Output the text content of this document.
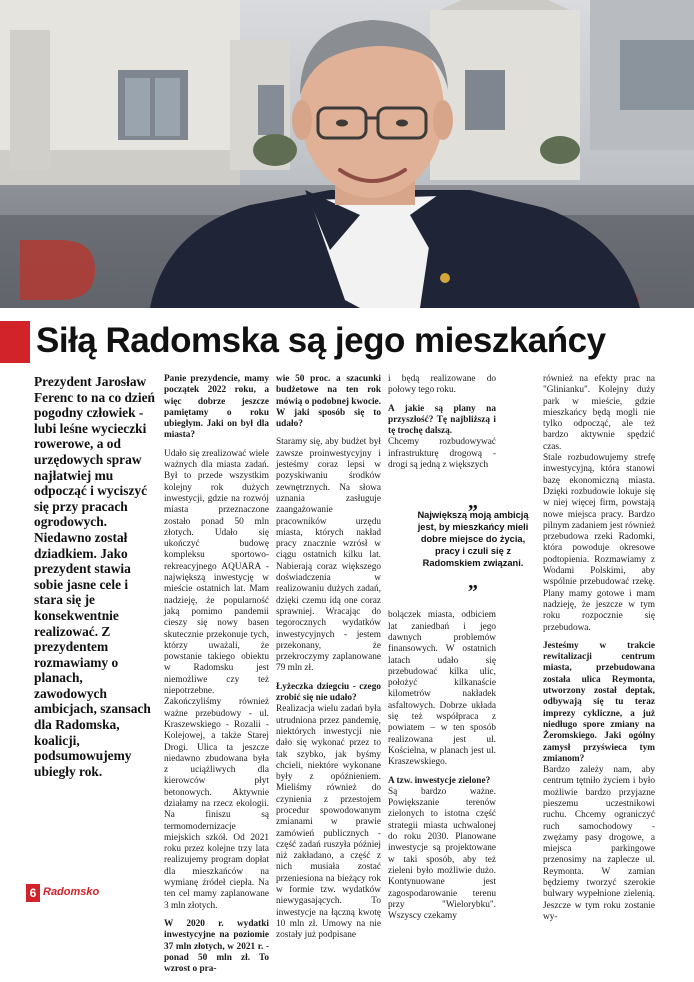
Siłą Radomska są jego mieszkańcy
Prezydent Jarosław Ferenc to na co dzień pogodny człowiek - lubi leśne wycieczki rowerowe, a od urzędowych spraw najłatwiej mu odpocząć i wyciszyć się przy pracach ogrodowych. Niedawno został dziadkiem. Jako prezydent stawia sobie jasne cele i stara się je konsekwentnie realizować. Z prezydentem rozmawiamy o planach, zawodowych ambicjach, szansach dla Radomska, koalicji, podsumowujemy ubiegły rok.

Panie prezydencie, mamy początek 2022 roku, a więc dobrze jeszcze pamiętamy o roku ubiegłym. Jaki on był dla miasta?

Udało się zrealizować wiele ważnych dla miasta zadań. Był to przede wszystkim kolejny rok dużych inwestycji, gdzie na rozwój miasta przeznaczone zostało ponad 50 mln złotych. Udało się ukończyć budowę kompleksu sportowo-rekreacyjnego AQUARA - największą inwestycję w mieście ostatnich lat. Mam nadzieję, że popularność jaką pomimo pandemii cieszy się nowy basen skutecznie przekonuje tych, którzy uważali, że powstanie takiego obiektu w Radomsku jest niemożliwe czy też niepotrzebne. Zakończyliśmy również ważne przebudowy - ul. Kraszewskiego - Rozalii - Kolejowej, a także Starej Drogi. Ulica ta jeszcze niedawno zbudowana była z uciążliwych dla kierowców płyt betonowych. Aktywnie działamy na rzecz ekologii. Na finiszu są termomodernizacje miejskich szkół. Od 2021 roku przez kolejne trzy lata realizujemy program dopłat dla mieszkańców na wymianę źródeł ciepła. Na ten cel mamy zaplanowane 3 mln złotych.

W 2020 r. wydatki inwestycyjne na poziomie 37 mln złotych, w 2021 r. - ponad 50 mln zł. To wzrost o pra-

wie 50 proc. a szacunki budżetowe na ten rok mówią o podobnej kwocie. W jaki sposób się to udało?

Staramy się, aby budżet był zawsze proinwestycyjny i jesteśmy coraz lepsi w pozyskiwaniu środków zewnętrznych. Na słowa uznania zasługuje zaangażowanie pracowników urzędu miasta, których nakład pracy znacznie wzrósł w ciągu ostatnich kilku lat. Nabierają coraz większego doświadczenia w realizowaniu dużych zadań, dzięki czemu idą one coraz sprawniej. Wracając do tegorocznych wydatków inwestycyjnych - jestem przekonany, że przekroczymy zaplanowane 79 mln zł.

Łyżeczka dziegciu - czego zrobić się nie udało?

Realizacja wielu zadań była utrudniona przez pandemię, niektórych inwestycji nie dało się wykonać przez to tak szybko, jak byśmy chcieli, niektóre wykonane były z opóźnieniem. Mieliśmy również do czynienia z przestojem procedur spowodowanym zmianami w prawie zamówień publicznych - część zadań ruszyła później niż zakładano, a część z nich musiała zostać przeniesiona na bieżący rok w formie tzw. wydatków niewygasających. To inwestycje na łączną kwotę 10 mln zł. Umowy na nie zostały już podpisane

i będą realizowane do połowy tego roku.

A jakie są plany na przyszłość? Tę najbliższą i tę trochę dalszą.

Chcemy rozbudowywać infrastrukturę drogową - drogi są jedną z większych

bolączek miasta, odbiciem lat zaniedbań i jego dawnych problemów finansowych. W ostatnich latach udało się przebudować kilka ulic, położyć kilkanaście kilometrów nakładek asfaltowych. Dobrze układa się też współpraca z powiatem – w ten sposób realizowana jest ul. Kościelna, w planach jest ul. Kraszewskiego.

A tzw. inwestycje zielone?

Są bardzo ważne. Powiększanie terenów zielonych to istotna część strategii miasta uchwalonej do roku 2030. Planowane inwestycje są projektowane w taki sposób, aby też zieleni było możliwie dużo. Kontynuowane jest zagospodarowanie terenu przy "Wielorybku". Wszyscy czekamy

„
Największą moją ambicją jest, by mieszkańcy mieli dobre miejsce do życia, pracy i czuli się z Radomskiem związani.
„

również na efekty prac na "Glinianku". Kolejny duży park w mieście, gdzie mieszkańcy będą mogli nie tylko odpocząć, ale też bardzo aktywnie spędzić czas.

Stale rozbudowujemy strefę inwestycyjną, która stanowi bazę ekonomiczną miasta. Dzięki rozbudowie lokuje się w niej więcej firm, powstają nowe miejsca pracy. Bardzo pilnym zadaniem jest również przebudowa rzeki Radomki, która powoduje okresowe podtopienia. Rozmawiamy z Wodami Polskimi, aby wspólnie przebudować rzekę. Plany mamy gotowe i mam nadzieję, że jeszcze w tym roku rozpocznie się przebudowa.

Jesteśmy w trakcie rewitalizacji centrum miasta, przebudowana została ulica Reymonta, utworzony został deptak, odbywają się tu teraz imprezy cykliczne, a już niedługo spore zmiany na Żeromskiego. Jaki ogólny zamysł przyświeca tym zmianom?

Bardzo zależy nam, aby centrum tętniło życiem i było możliwie bardzo przyjazne pieszemu uczestnikowi ruchu. Chcemy ograniczyć ruch samochodowy - zwężamy pasy drogowe, a miejsca parkingowe przenosimy na zaplecze ul. Reymonta. W zamian będziemy tworzyć szerokie bulwary wypełnione zielenią. Jeszcze w tym roku zostanie wy-

6 Radomsko
